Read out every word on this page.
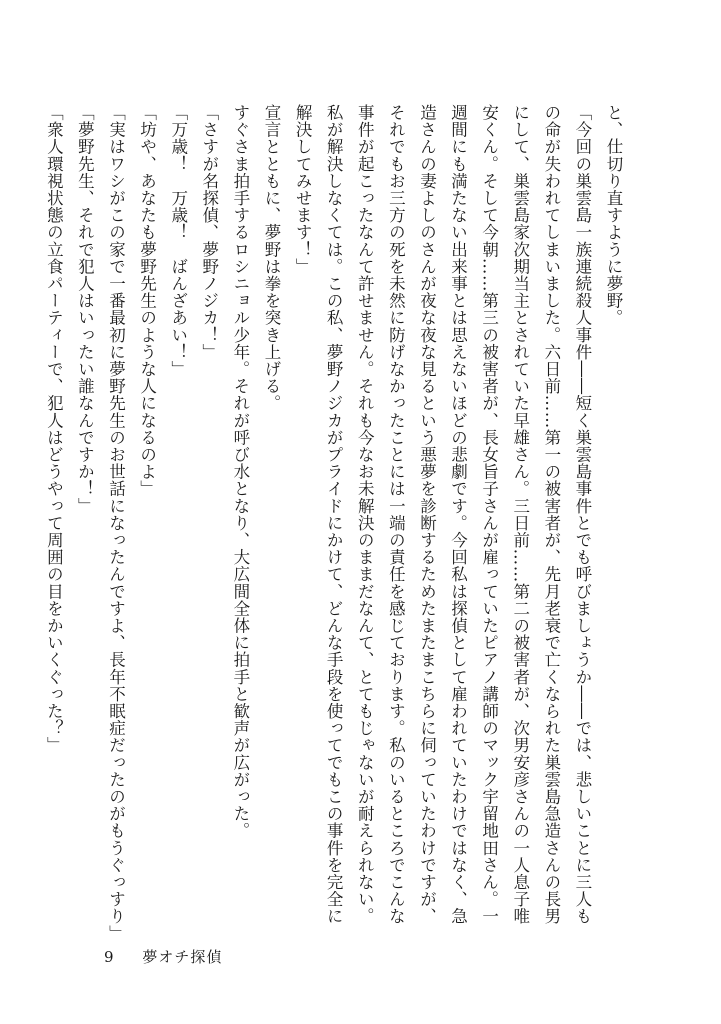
と、仕切り直すように夢野。

「今回の巣雲島一族連続殺人事件――短く巣雲島事件とでも呼びましょうか――では、悲しいことに三人もの命が失われてしまいました。六日前……第一の被害者が、先月老衰で亡くなられた巣雲島急造さんの長男にして、巣雲島家次期当主とされていた早雄さん。三日前……第二の被害者が、次男安彦さんの一人息子唯安くん。そして今朝……第三の被害者が、長女旨子さんが雇っていたピアノ講師のマック宇留地田さん。一週間にも満たない出来事とは思えないほどの悲劇です。今回私は探偵として雇われていたわけではなく、急造さんの妻よしのさんが夜な夜な見るという悪夢を診断するためたまたまこちらに伺っていたわけですが、それでもお三方の死を未然に防げなかったことには一端の責任を感じております。私のいるところでこんな事件が起こったなんて許せません。それも今なお未解決のままだなんて、とてもじゃないが耐えられない。私が解決しなくては。この私、夢野ノジカがプライドにかけて、どんな手段を使ってでもこの事件を完全に解決してみせます！」

宣言とともに、夢野は拳を突き上げる。

すぐさま拍手するロシニョル少年。それが呼び水となり、大広間全体に拍手と歓声が広がった。

「さすが名探偵、夢野ノジカ！」

「万歳！　万歳！　ばんざあい！」

「坊や、あなたも夢野先生のような人になるのよ」

「実はワシがこの家で一番最初に夢野先生のお世話になったんですよ、長年不眠症だったのがもうぐっすり」

「夢野先生、それで犯人はいったい誰なんですか！」

「衆人環視状態の立食パーティーで、犯人はどうやって周囲の目をかいくぐった？」

9 夢オチ探偵
